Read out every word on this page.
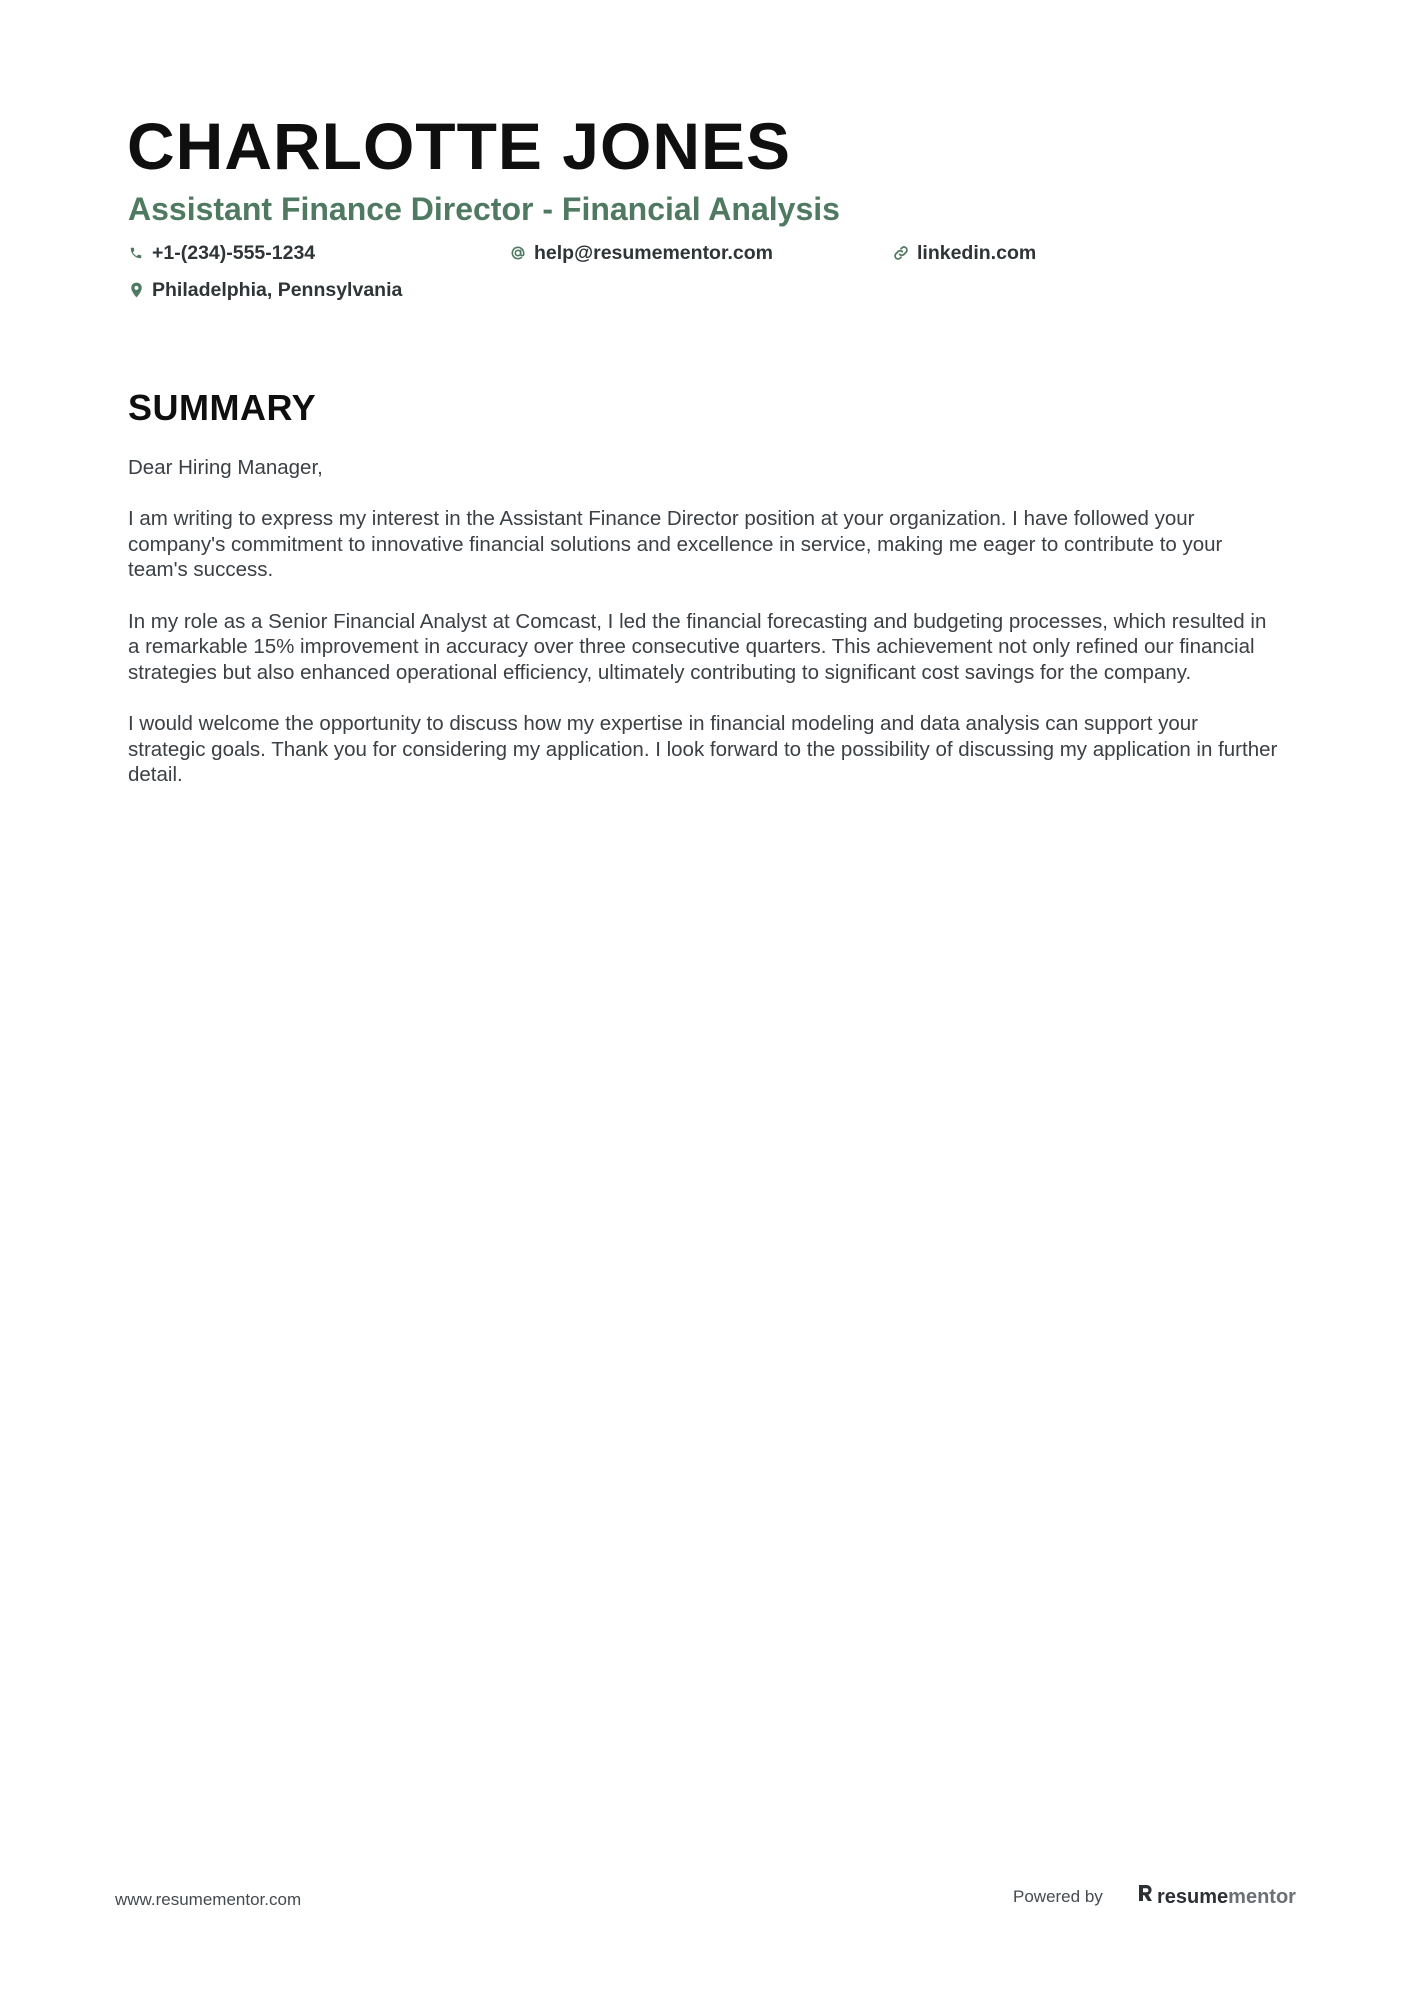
CHARLOTTE JONES
Assistant Finance Director - Financial Analysis
+1-(234)-555-1234	help@resumementor.com	linkedin.com
Philadelphia, Pennsylvania
SUMMARY

Dear Hiring Manager,

I am writing to express my interest in the Assistant Finance Director position at your organization. I have followed your company's commitment to innovative financial solutions and excellence in service, making me eager to contribute to your team's success.

In my role as a Senior Financial Analyst at Comcast, I led the financial forecasting and budgeting processes, which resulted in a remarkable 15% improvement in accuracy over three consecutive quarters. This achievement not only refined our financial strategies but also enhanced operational efficiency, ultimately contributing to significant cost savings for the company.

I would welcome the opportunity to discuss how my expertise in financial modeling and data analysis can support your strategic goals. Thank you for considering my application. I look forward to the possibility of discussing my application in further detail.

www.resumementor.com	Powered by	resumementor
